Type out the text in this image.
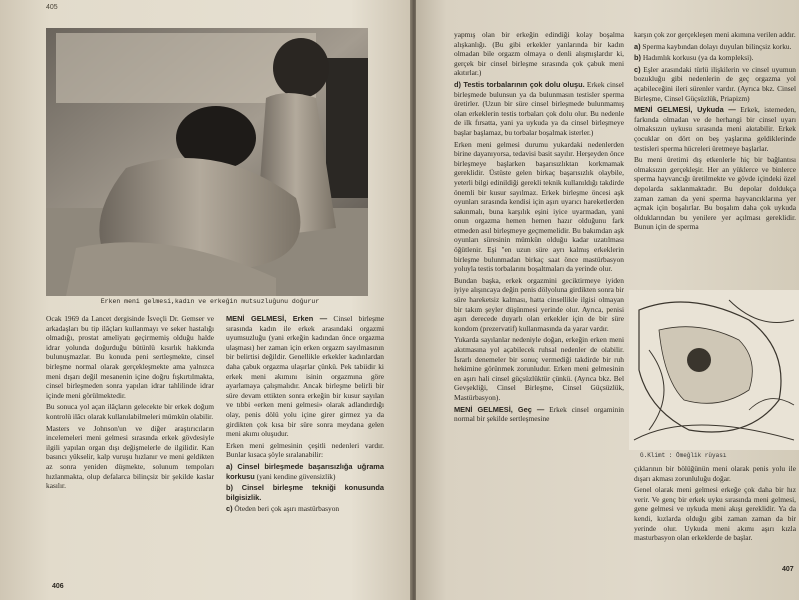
405
Erken meni gelmesi,kadın ve erkeğin mutsuzluğunu doğurur

Ocak 1969 da Lancet dergisinde İsveçli Dr. Gemser ve arkadaşları bu tip ilâçları kullanmayı ve seker hastalığı olmadığı, prostat ameliyatı geçirmemiş olduğu halde idrar yolunda doğurduğu bütünlü kısırlık hakkında bulunuşmazlar. Bu konuda peni sertleşmekte, cinsel birleşme normal olarak gerçekleşmekte ama yalnızca meni dışarı değil mesanenin içine doğru fışkırtılmakta, cinsel birleşmeden sonra yapılan idrar tahlilinde idrar içinde meni görülmektedir.

Bu sonuca yol açan ilâçların gelecekte bir erkek doğum kontrolü ilâcı olarak kullanılabilmeleri mümkün olabilir.

Masters ve Johnson'un ve diğer araştırıcıların incelemeleri meni gelmesi sırasında erkek gövdesiyle ilgili yapılan organ dışı değişmelerle de ilgilidir. Kan basıncı yükselir, kalp vuruşu hızlanır ve meni geldikten az sonra yeniden düşmekte, solunum tempoları hızlanmakta, olup defalarca bilinçsiz bir şekilde kaslar kasılır.

MENİ GELMESİ, Erken — Cinsel birleşme sırasında kadın ile erkek arasındaki orgazmi uyumsuzluğu (yani erkeğin kadından önce orgazma ulaşması) her zaman için erken orgazm sayılmasının bir belirtisi değildir. Genellikle erkekler kadınlardan daha çabuk orgazma ulaşırlar çünkü. Pek tabiidir ki erkek meni akımını isinin orgazmına göre ayarlamaya çalışmalıdır. Ancak birleşme belirli bir süre devam ettikten sonra erkeğin bir kusur sayılan ve tıbbi «erken meni gelmesi» olarak adlandırdığı olay, penis dölü yolu içine girer girmez ya da girdikten çok kısa bir süre sonra meydana gelen meni akımı oluşudur.

Erken meni gelmesinin çeşitli nedenleri vardır. Bunlar kısaca şöyle sıralanabilir:

a) Cinsel birleşmede başarısızlığa uğrama korkusu (yani kendine güvensizlik)

b) Cinsel birleşme tekniği konusunda bilgisizlik.

c) Öteden beri çok aşırı mastürbasyon

406

yapmış olan bir erkeğin edindiği kolay boşalma alışkanlığı. (Bu gibi erkekler yanlarında bir kadın olmadan bile orgazm olmaya o denli alışmışlardır ki, gerçek bir cinsel birleşme sırasında çok çabuk meni akıtırlar.)

d) Testis torbalarının çok dolu oluşu. Erkek cinsel birleşmede bulunsun ya da bulunmasın testisler sperma üretirler. (Uzun bir süre cinsel birleşmede bulunmamış olan erkeklerin testis torbaları çok dolu olur. Bu nedenle de ilk fırsatta, yani ya uykuda ya da cinsel birleşmeye başlar başlamaz, bu torbalar boşalmak isterler.)

Erken meni gelmesi durumu yukardaki nedenlerden birine dayanıyorsa, tedavisi basit sayılır. Herşeyden önce birleşmeye başlarken başarısızlıktan korkmamak gereklidir. Üstüste gelen birkaç başarısızlık olaybile, yeterli bilgi edinildiği gerekli teknik kullanıldığı takdirde önemli bir kusur sayılmaz. Erkek birleşme öncesi aşk oyunları sırasında kendisi için aşırı uyarıcı hareketlerden sakınmalı, buna karşılık eşini iyice uyarmadan, yani onun orgazma hemen hemen hazır olduğunu fark etmeden asıl birleşmeye geçmemelidir. Bu bakımdan aşk oyunları süresinin mümkün olduğu kadar uzatılması öğütlenir. Eşi "en uzun süre ayrı kalmış erkeklerin birleşme bulunmadan birkaç saat önce mastürbasyon yoluyla testis torbalarını boşaltmaları da yerinde olur.

Bundan başka, erkek orgazmini geciktirmeye iyiden iyiye alışıncaya değin penis dölyoluna girdikten sonra bir süre hareketsiz kalması, hatta cinsellikle ilgisi olmayan bir takım şeyler düşünmesi yerinde olur. Ayrıca, penisi aşırı derecede duyarlı olan erkekler için de bir süre kondom (prezervatif) kullanmasında da yarar vardır.

Yukarda sayılanlar nedeniyle doğan, erkeğin erken meni akıtmasına yol açabilecek ruhsal nedenler de olabilir. İsrarlı denemeler bir sonuç vermediği takdirde bir ruh hekimine görünmek zorunludur. Erken meni gelmesinin en aşırı hali cinsel güçsüzlüktür çünkü. (Ayrıca bkz. Bel Gevşekliği, Cinsel Birleşme, Cinsel Güçsüzlük, Mastürbasyon).

MENİ GELMESİ, Geç — Erkek cinsel orgaminin normal bir şekilde sertleşmesine

karşın çok zor gerçekleşen meni akımına verilen addır.

a) Sperma kaybından dolayı duyulan bilinçsiz korku.

b) Hadımlık korkusu (ya da kompleksi).

c) Eşler arasındaki türlü ilişkilerin ve cinsel uyumun bozukluğu gibi nedenlerin de geç orgazma yol açabileceğini ileri sürenler vardır. (Ayrıca bkz. Cinsel Birleşme, Cinsel Güçsüzlük, Priapizm)

MENİ GELMESİ, Uykuda — Erkek, istemeden, farkında olmadan ve de herhangi bir cinsel uyarı olmaksızın uykusu sırasında meni akıtabilir. Erkek çocuklar on dört on beş yaşlarına geldiklerinde testisleri sperma hücreleri üretmeye başlarlar.

Bu meni üretimi dış etkenlerle hiç bir bağlantısı olmaksızın gerçekleşir. Her an yüklerce ve binlerce sperma hayvancığı üretilmekte ve gövde içindeki özel depolarda saklanmaktadır. Bu depolar doldukça zaman zaman da yeni sperma hayvancıklarına yer açmak için boşalırlar. Bu boşalım daha çok uykuda olduklarından bu yenilere yer açılması gereklidir. Bunun için de sperma

çıklarının bir bölüğünün meni olarak penis yolu ile dışarı akması zorunluluğu doğar.

Genel olarak meni gelmesi erkeğe çok daha bir hız verir. Ve genç bir erkek uyku sırasında meni gelmesi, gene gelmesi ve uykuda meni akışı gereklidir. Ya da kendi, kızlarda olduğu gibi zaman zaman da bir yerinde olur. Uykuda meni akımı aşırı kızla masturbasyon olan erkeklerde de başlar.

407
G.Klimt : Ömeğlik rüyası
